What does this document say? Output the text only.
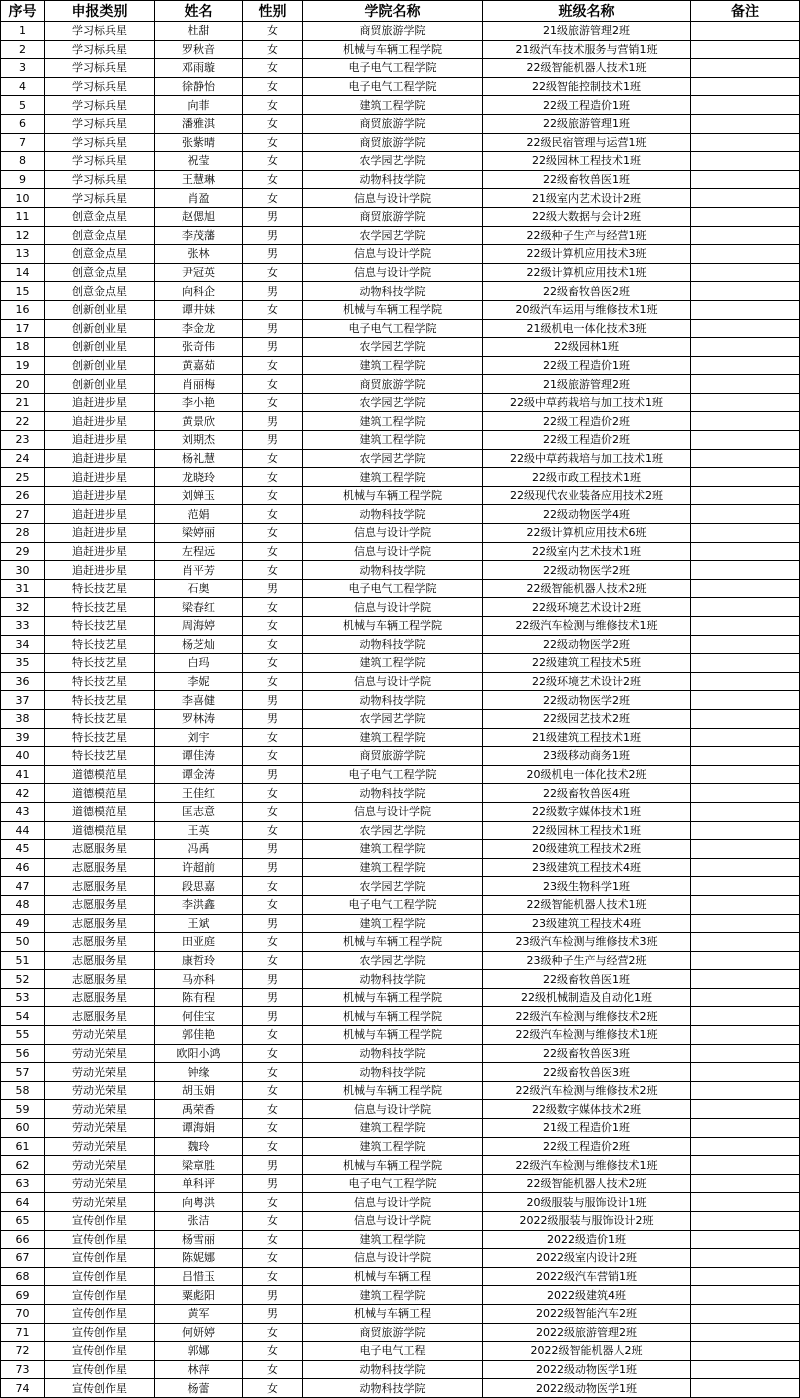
序号	申报类别	姓名	性别	学院名称	班级名称	备注
1	学习标兵星	杜甜	女	商贸旅游学院	21级旅游管理2班	
2	学习标兵星	罗秋音	女	机械与车辆工程学院	21级汽车技术服务与营销1班	
3	学习标兵星	邓雨璇	女	电子电气工程学院	22级智能机器人技术1班	
4	学习标兵星	徐静怡	女	电子电气工程学院	22级智能控制技术1班	
5	学习标兵星	向菲	女	建筑工程学院	22级工程造价1班	
6	学习标兵星	潘雅淇	女	商贸旅游学院	22级旅游管理1班	
7	学习标兵星	张紫晴	女	商贸旅游学院	22级民宿管理与运营1班	
8	学习标兵星	祝莹	女	农学园艺学院	22级园林工程技术1班	
9	学习标兵星	王慧琳	女	动物科技学院	22级畜牧兽医1班	
10	学习标兵星	肖盈	女	信息与设计学院	21级室内艺术设计2班	
11	创意金点星	赵偲旭	男	商贸旅游学院	22级大数据与会计2班	
12	创意金点星	李茂藩	男	农学园艺学院	22级种子生产与经营1班	
13	创意金点星	张林	男	信息与设计学院	22级计算机应用技术3班	
14	创意金点星	尹冠英	女	信息与设计学院	22级计算机应用技术1班	
15	创意金点星	向科企	男	动物科技学院	22级畜牧兽医2班	
16	创新创业星	谭井妹	女	机械与车辆工程学院	20级汽车运用与维修技术1班	
17	创新创业星	李金龙	男	电子电气工程学院	21级机电一体化技术3班	
18	创新创业星	张奇伟	男	农学园艺学院	22级园林1班	
19	创新创业星	黄嘉茹	女	建筑工程学院	22级工程造价1班	
20	创新创业星	肖丽梅	女	商贸旅游学院	21级旅游管理2班	
21	追赶进步星	李小艳	女	农学园艺学院	22级中草药栽培与加工技术1班	
22	追赶进步星	黄景欣	男	建筑工程学院	22级工程造价2班	
23	追赶进步星	刘期杰	男	建筑工程学院	22级工程造价2班	
24	追赶进步星	杨礼慧	女	农学园艺学院	22级中草药栽培与加工技术1班	
25	追赶进步星	龙晓玲	女	建筑工程学院	22级市政工程技术1班	
26	追赶进步星	刘婵玉	女	机械与车辆工程学院	22级现代农业装备应用技术2班	
27	追赶进步星	范娟	女	动物科技学院	22级动物医学4班	
28	追赶进步星	梁婷丽	女	信息与设计学院	22级计算机应用技术6班	
29	追赶进步星	左程远	女	信息与设计学院	22级室内艺术技术1班	
30	追赶进步星	肖平芳	女	动物科技学院	22级动物医学2班	
31	特长技艺星	石奥	男	电子电气工程学院	22级智能机器人技术2班	
32	特长技艺星	梁春红	女	信息与设计学院	22级环境艺术设计2班	
33	特长技艺星	周海婷	女	机械与车辆工程学院	22级汽车检测与维修技术1班	
34	特长技艺星	杨芝灿	女	动物科技学院	22级动物医学2班	
35	特长技艺星	白玛	女	建筑工程学院	22级建筑工程技术5班	
36	特长技艺星	李妮	女	信息与设计学院	22级环境艺术设计2班	
37	特长技艺星	李喜健	男	动物科技学院	22级动物医学2班	
38	特长技艺星	罗林涛	男	农学园艺学院	22级园艺技术2班	
39	特长技艺星	刘宇	女	建筑工程学院	21级建筑工程技术1班	
40	特长技艺星	谭佳涛	女	商贸旅游学院	23级移动商务1班	
41	道德模范星	谭金涛	男	电子电气工程学院	20级机电一体化技术2班	
42	道德模范星	王佳红	女	动物科技学院	22级畜牧兽医4班	
43	道德模范星	匡志意	女	信息与设计学院	22级数字媒体技术1班	
44	道德模范星	王英	女	农学园艺学院	22级园林工程技术1班	
45	志愿服务星	冯禹	男	建筑工程学院	20级建筑工程技术2班	
46	志愿服务星	许超前	男	建筑工程学院	23级建筑工程技术4班	
47	志愿服务星	段思嘉	女	农学园艺学院	23级生物科学1班	
48	志愿服务星	李洪鑫	女	电子电气工程学院	22级智能机器人技术1班	
49	志愿服务星	王斌	男	建筑工程学院	23级建筑工程技术4班	
50	志愿服务星	田亚庭	女	机械与车辆工程学院	23级汽车检测与维修技术3班	
51	志愿服务星	康哲玲	女	农学园艺学院	23级种子生产与经营2班	
52	志愿服务星	马亦科	男	动物科技学院	22级畜牧兽医1班	
53	志愿服务星	陈有程	男	机械与车辆工程学院	22级机械制造及自动化1班	
54	志愿服务星	何佳宝	男	机械与车辆工程学院	22级汽车检测与维修技术2班	
55	劳动光荣星	郭佳艳	女	机械与车辆工程学院	22级汽车检测与维修技术1班	
56	劳动光荣星	欧阳小鸿	女	动物科技学院	22级畜牧兽医3班	
57	劳动光荣星	钟缘	女	动物科技学院	22级畜牧兽医3班	
58	劳动光荣星	胡玉娟	女	机械与车辆工程学院	22级汽车检测与维修技术2班	
59	劳动光荣星	禹荣香	女	信息与设计学院	22级数字媒体技术2班	
60	劳动光荣星	谭海娟	女	建筑工程学院	21级工程造价1班	
61	劳动光荣星	魏玲	女	建筑工程学院	22级工程造价2班	
62	劳动光荣星	梁章胜	男	机械与车辆工程学院	22级汽车检测与维修技术1班	
63	劳动光荣星	单科评	男	电子电气工程学院	22级智能机器人技术2班	
64	劳动光荣星	向粤洪	女	信息与设计学院	20级服装与服饰设计1班	
65	宣传创作星	张洁	女	信息与设计学院	2022级服装与服饰设计2班	
66	宣传创作星	杨雪丽	女	建筑工程学院	2022级造价1班	
67	宣传创作星	陈妮娜	女	信息与设计学院	2022级室内设计2班	
68	宣传创作星	吕惜玉	女	机械与车辆工程	2022级汽车营销1班	
69	宣传创作星	粟彪阳	男	建筑工程学院	2022级建筑4班	
70	宣传创作星	黄军	男	机械与车辆工程	2022级智能汽车2班	
71	宣传创作星	何妍婷	女	商贸旅游学院	2022级旅游管理2班	
72	宣传创作星	郭娜	女	电子电气工程	2022级智能机器人2班	
73	宣传创作星	林萍	女	动物科技学院	2022级动物医学1班	
74	宣传创作星	杨蕾	女	动物科技学院	2022级动物医学1班	
